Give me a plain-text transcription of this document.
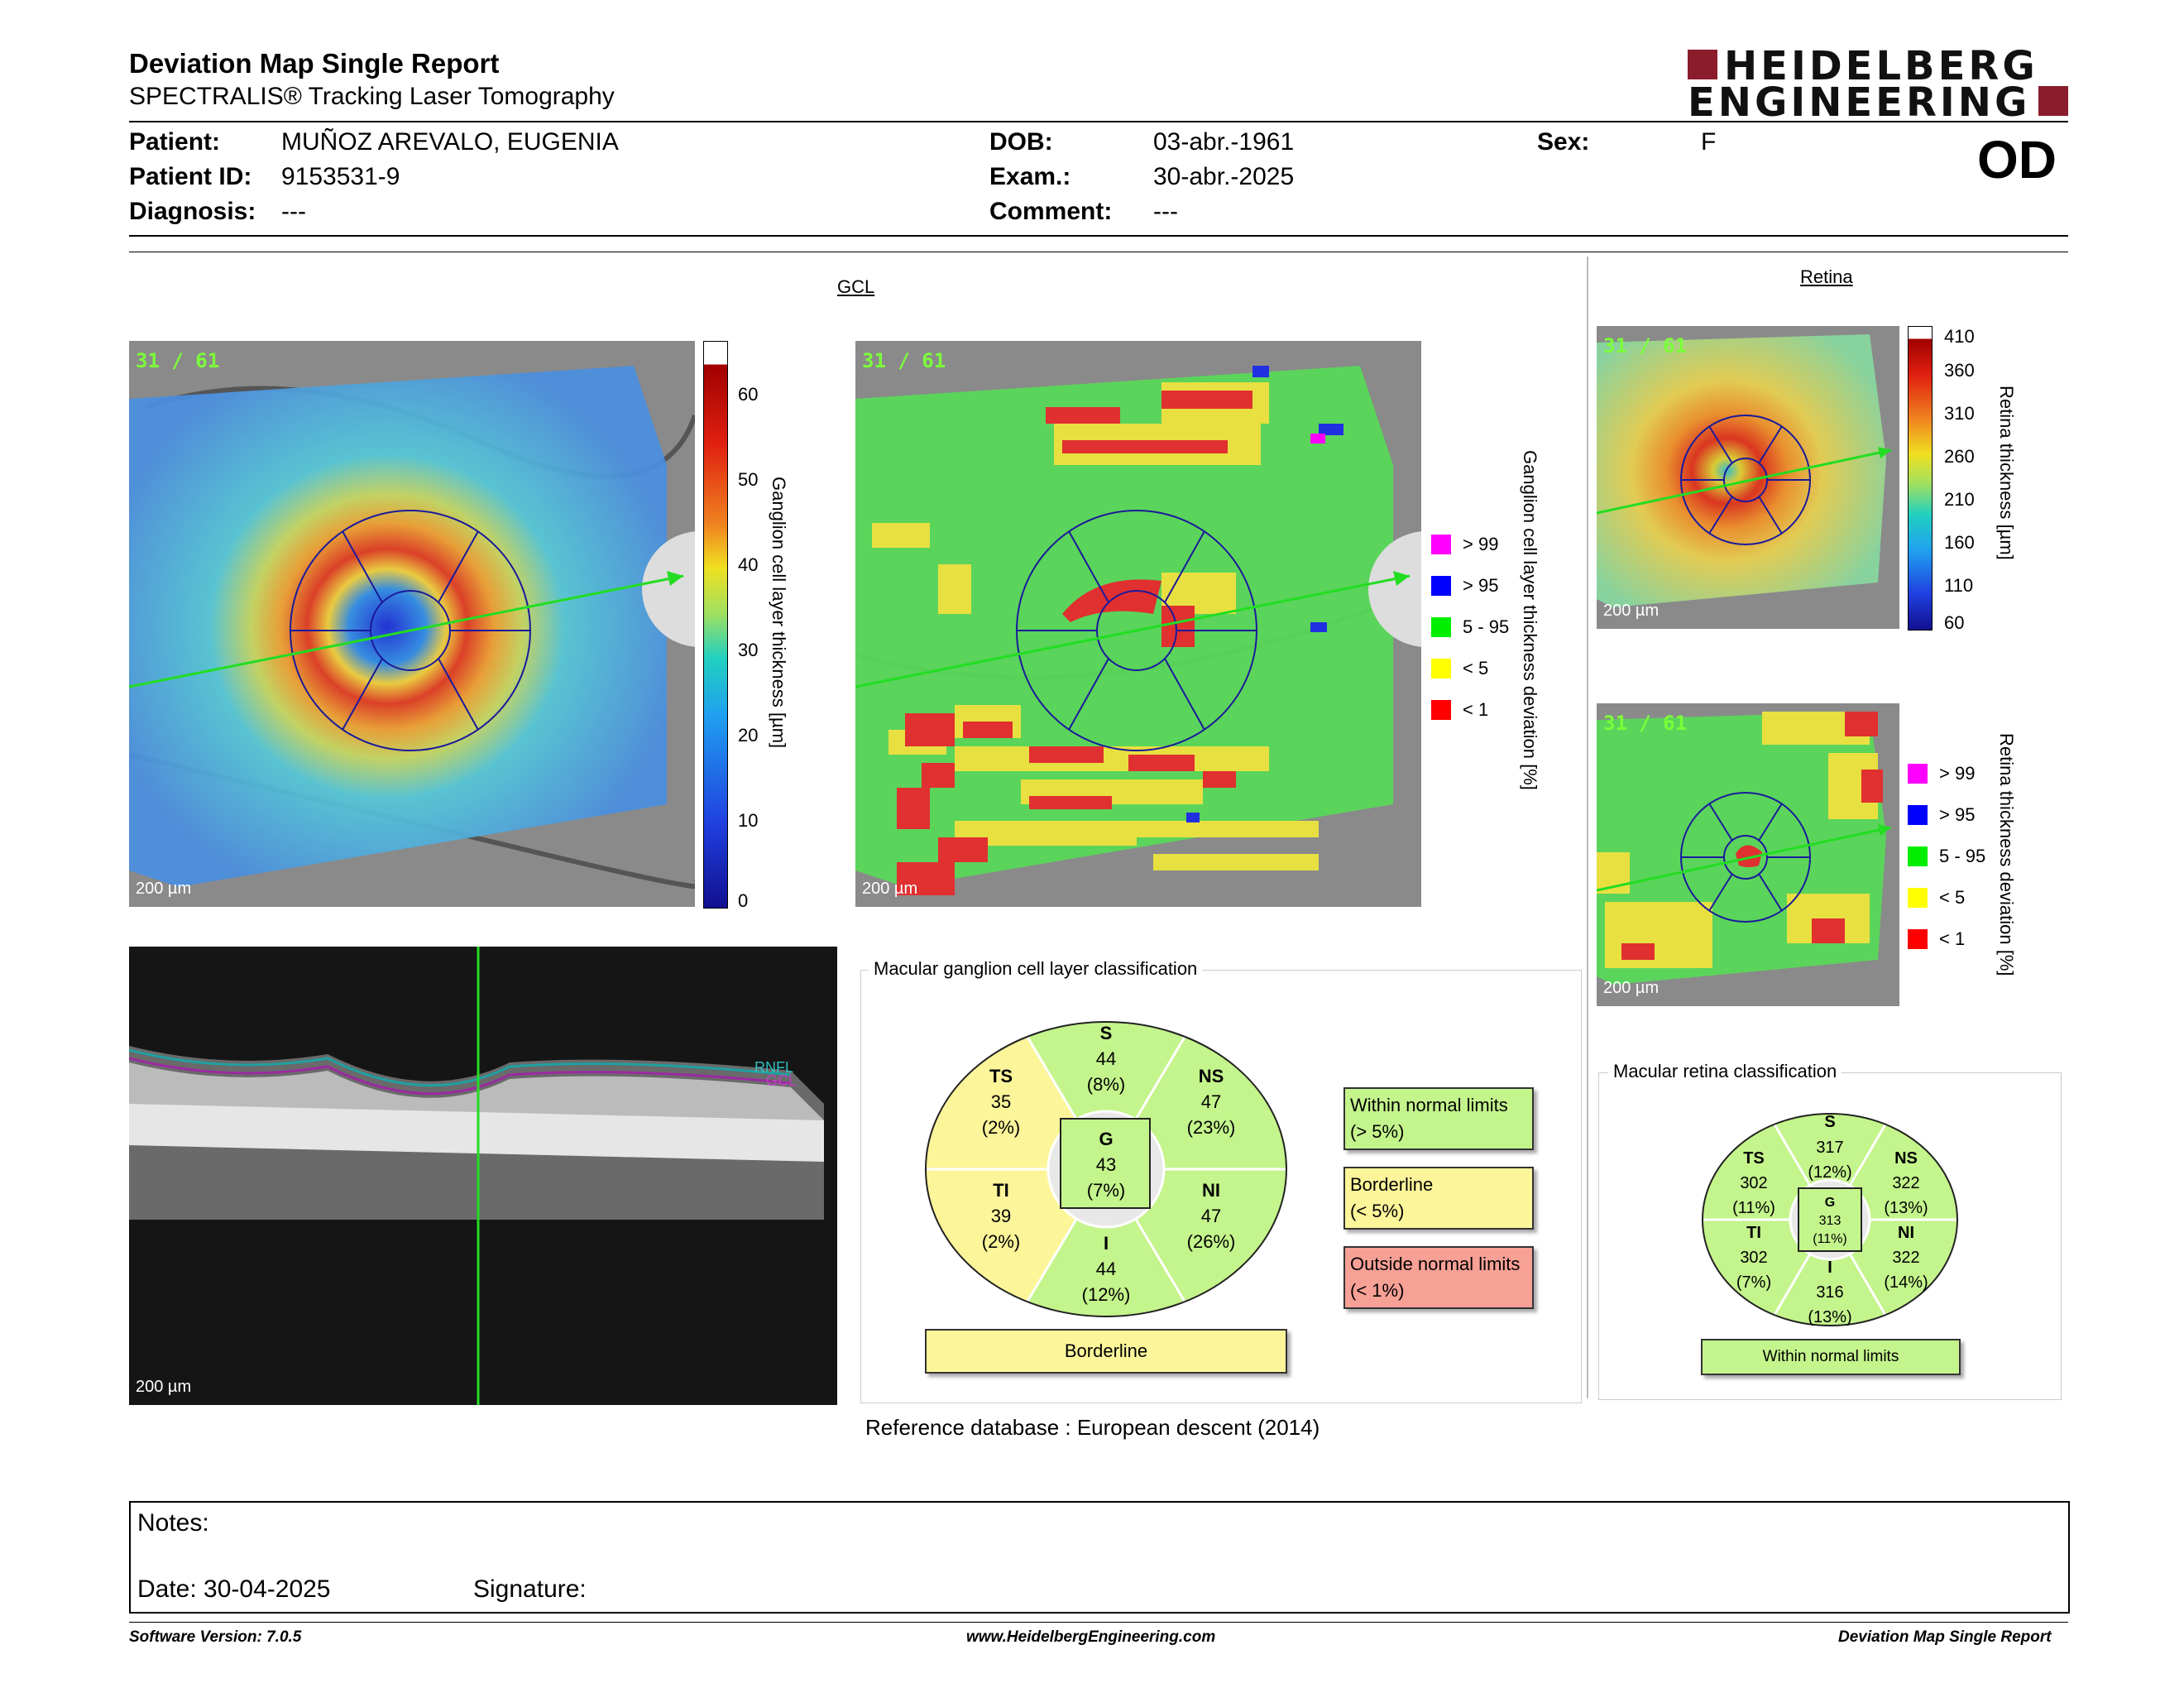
Deviation Map Single Report
SPECTRALIS® Tracking Laser Tomography
HEIDELBERG
ENGINEERING
Patient: MUÑOZ AREVALO, EUGENIA
Patient ID: 9153531-9
Diagnosis: ---
DOB:	03-abr.-1961
Exam.:	30-abr.-2025
Comment: ---
Sex:	F	OD
GCL
31 / 61
200 µm
60
50
40
30
20
10
0
Ganglion cell layer thickness [µm]
31 / 61
200 µm
> 99
> 95
5 - 95
< 5
< 1 Ganglion cell layer thickness deviation [%]
RNFL
GCL
200 µm
Macular ganglion cell layer classification
S
44
(8%)	NS
47
(23%)
NI
47
(26%)
I
44
(12%)
TI
39
(2%)
TS
35
(2%)
G
43
(7%)
Borderline
Within normal limits
(> 5%)
Borderline
(< 5%)
Outside normal limits
(< 1%)
Reference database : European descent (2014)
Retina
31 / 61
200 µm
410
360
310
260
210
160
110
60
Retina thickness [µm]
31 / 61
200 µm
> 99
> 95
5 - 95
< 5
< 1 Retina thickness deviation [%]
Macular retina classification
S
317
(12%)
NS
322
(13%)
NI
322
(14%)
I
316
(13%)
TI
302
(7%)
TS
302
(11%)	G
313
(11%)
Within normal limits
Notes:
Date: 30-04-2025	Signature:
Software Version: 7.0.5	www.HeidelbergEngineering.com	Deviation Map Single Report
